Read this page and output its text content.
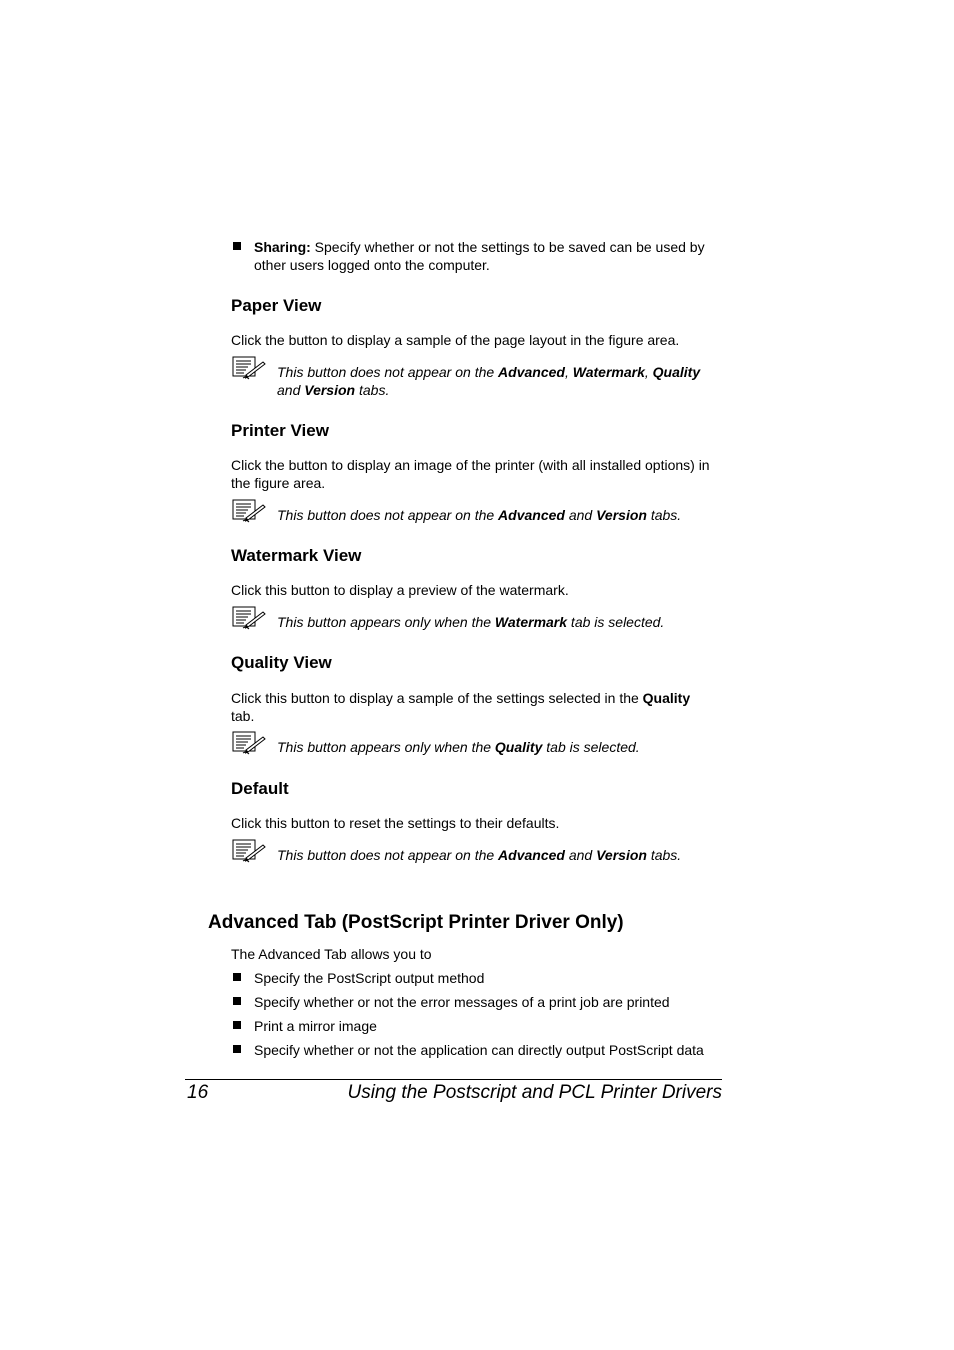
Sharing: Specify whether or not the settings to be saved can be used by
other users logged onto the computer.

Paper View

Click the button to display a sample of the page layout in the figure area.

This button does not appear on the Advanced, Watermark, Quality
and Version tabs.

Printer View

Click the button to display an image of the printer (with all installed options) in
the figure area.

This button does not appear on the Advanced and Version tabs.

Watermark View

Click this button to display a preview of the watermark.

This button appears only when the Watermark tab is selected.

Quality View

Click this button to display a sample of the settings selected in the Quality
tab.

This button appears only when the Quality tab is selected.

Default

Click this button to reset the settings to their defaults.

This button does not appear on the Advanced and Version tabs.

Advanced Tab (PostScript Printer Driver Only)

The Advanced Tab allows you to

Specify the PostScript output method

Specify whether or not the error messages of a print job are printed

Print a mirror image

Specify whether or not the application can directly output PostScript data

16	Using the Postscript and PCL Printer Drivers
